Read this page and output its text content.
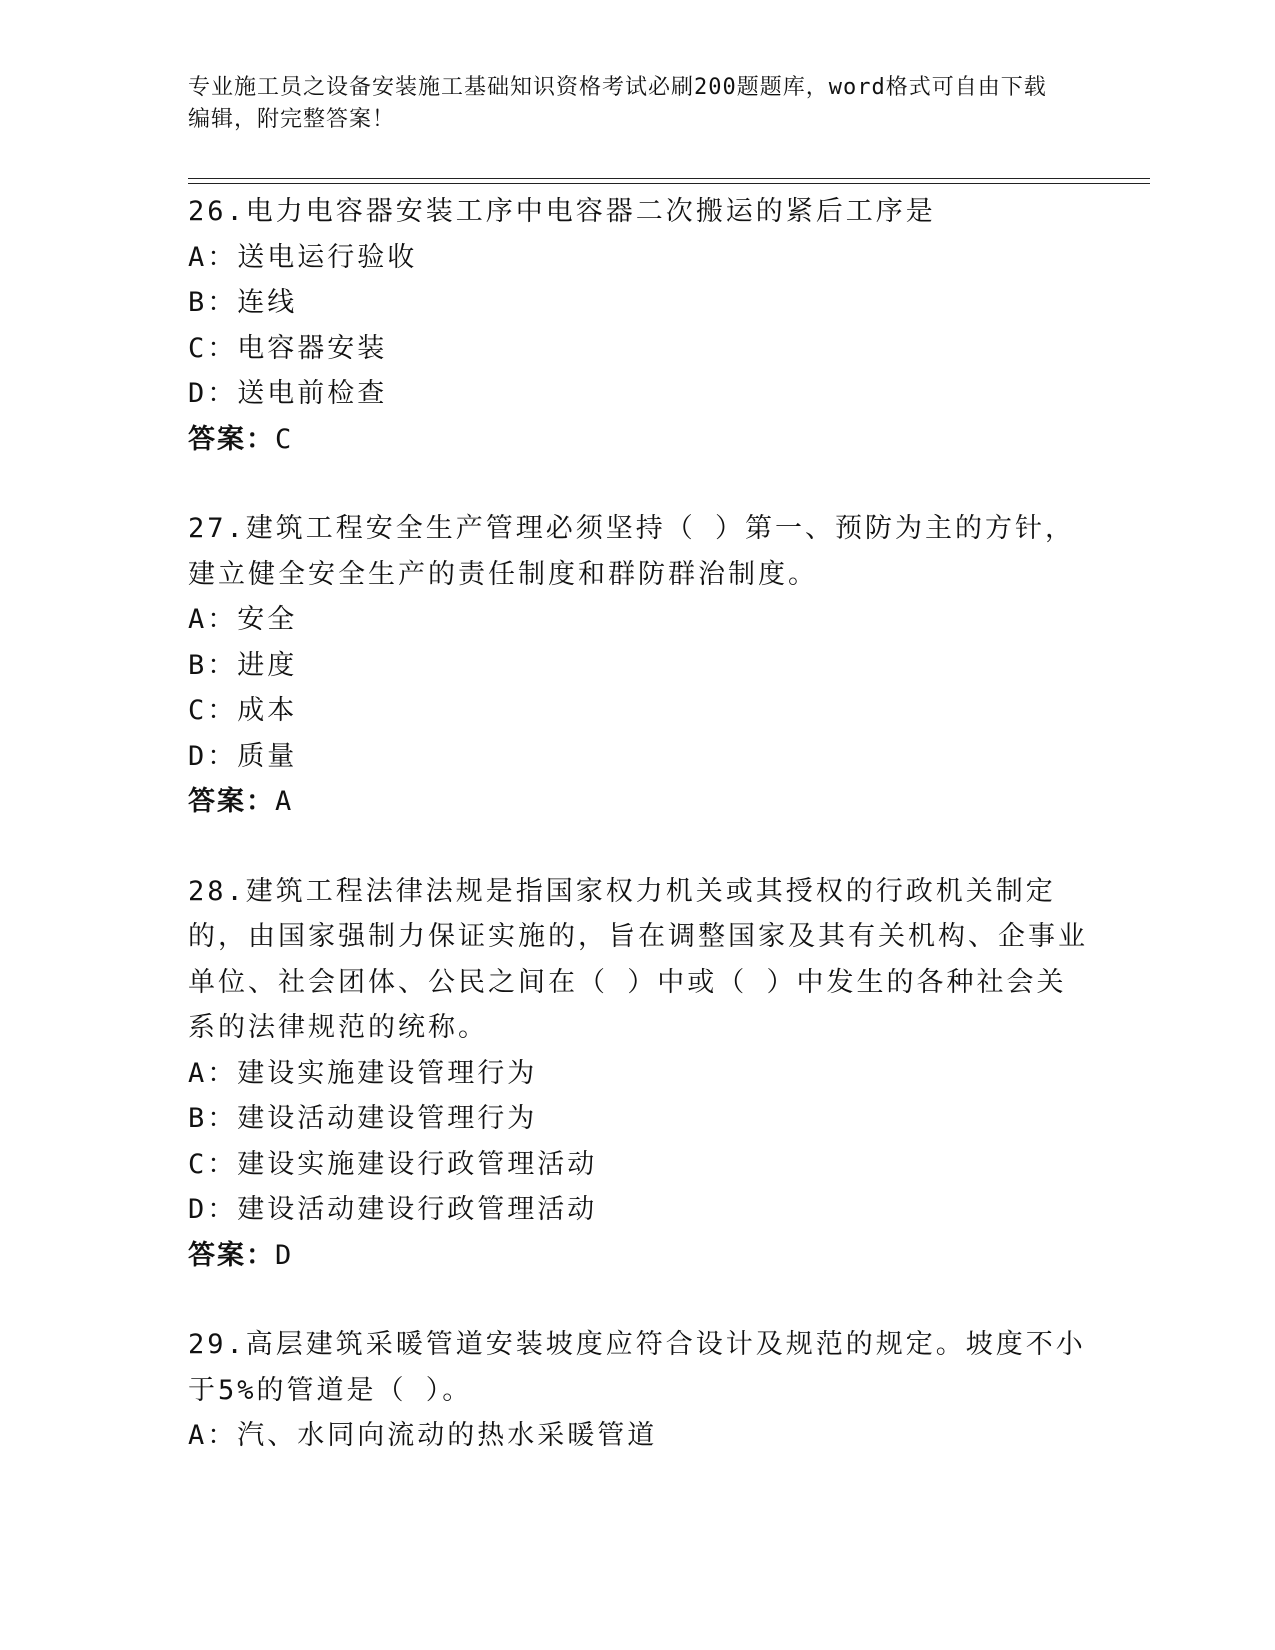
专业施工员之设备安装施工基础知识资格考试必刷200题题库，word格式可自由下载编辑，附完整答案！
26.电力电容器安装工序中电容器二次搬运的紧后工序是
A：送电运行验收
B：连线
C：电容器安装
D：送电前检查
答案：C
27.建筑工程安全生产管理必须坚持（ ）第一、预防为主的方针，建立健全安全生产的责任制度和群防群治制度。
A：安全
B：进度
C：成本
D：质量
答案：A
28.建筑工程法律法规是指国家权力机关或其授权的行政机关制定的，由国家强制力保证实施的，旨在调整国家及其有关机构、企事业单位、社会团体、公民之间在（ ）中或（ ）中发生的各种社会关系的法律规范的统称。
A：建设实施建设管理行为
B：建设活动建设管理行为
C：建设实施建设行政管理活动
D：建设活动建设行政管理活动
答案：D
29.高层建筑采暖管道安装坡度应符合设计及规范的规定。坡度不小于5%的管道是（ ）。
A：汽、水同向流动的热水采暖管道
